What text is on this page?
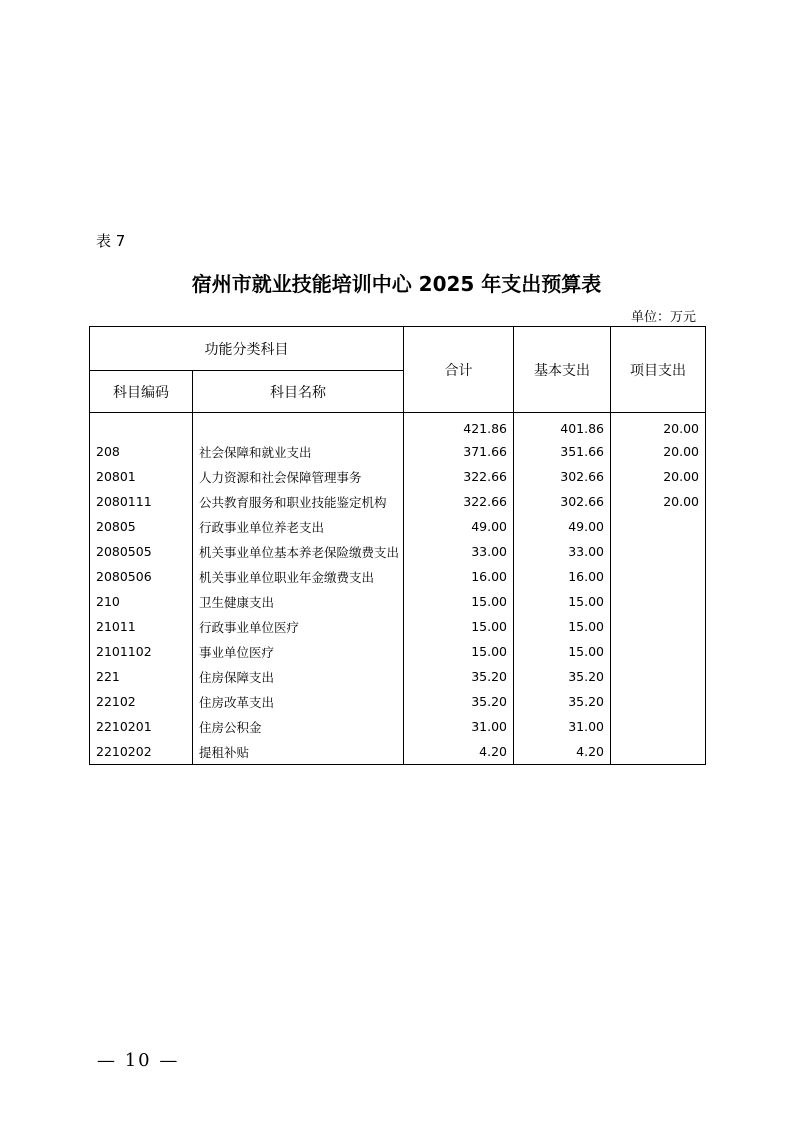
表 7
宿州市就业技能培训中心 2025 年支出预算表
单位：万元
功能分类科目		合计	基本支出	项目支出
科目编码	科目名称			
		421.86	401.86	20.00
208	社会保障和就业支出	371.66	351.66	20.00
20801	人力资源和社会保障管理事务	322.66	302.66	20.00
2080111	公共教育服务和职业技能鉴定机构	322.66	302.66	20.00
20805	行政事业单位养老支出	49.00	49.00	
2080505	机关事业单位基本养老保险缴费支出	33.00	33.00	
2080506	机关事业单位职业年金缴费支出	16.00	16.00	
210	卫生健康支出	15.00	15.00	
21011	行政事业单位医疗	15.00	15.00	
2101102	事业单位医疗	15.00	15.00	
221	住房保障支出	35.20	35.20	
22102	住房改革支出	35.20	35.20	
2210201	住房公积金	31.00	31.00	
2210202	提租补贴	4.20	4.20	
— 10 —
